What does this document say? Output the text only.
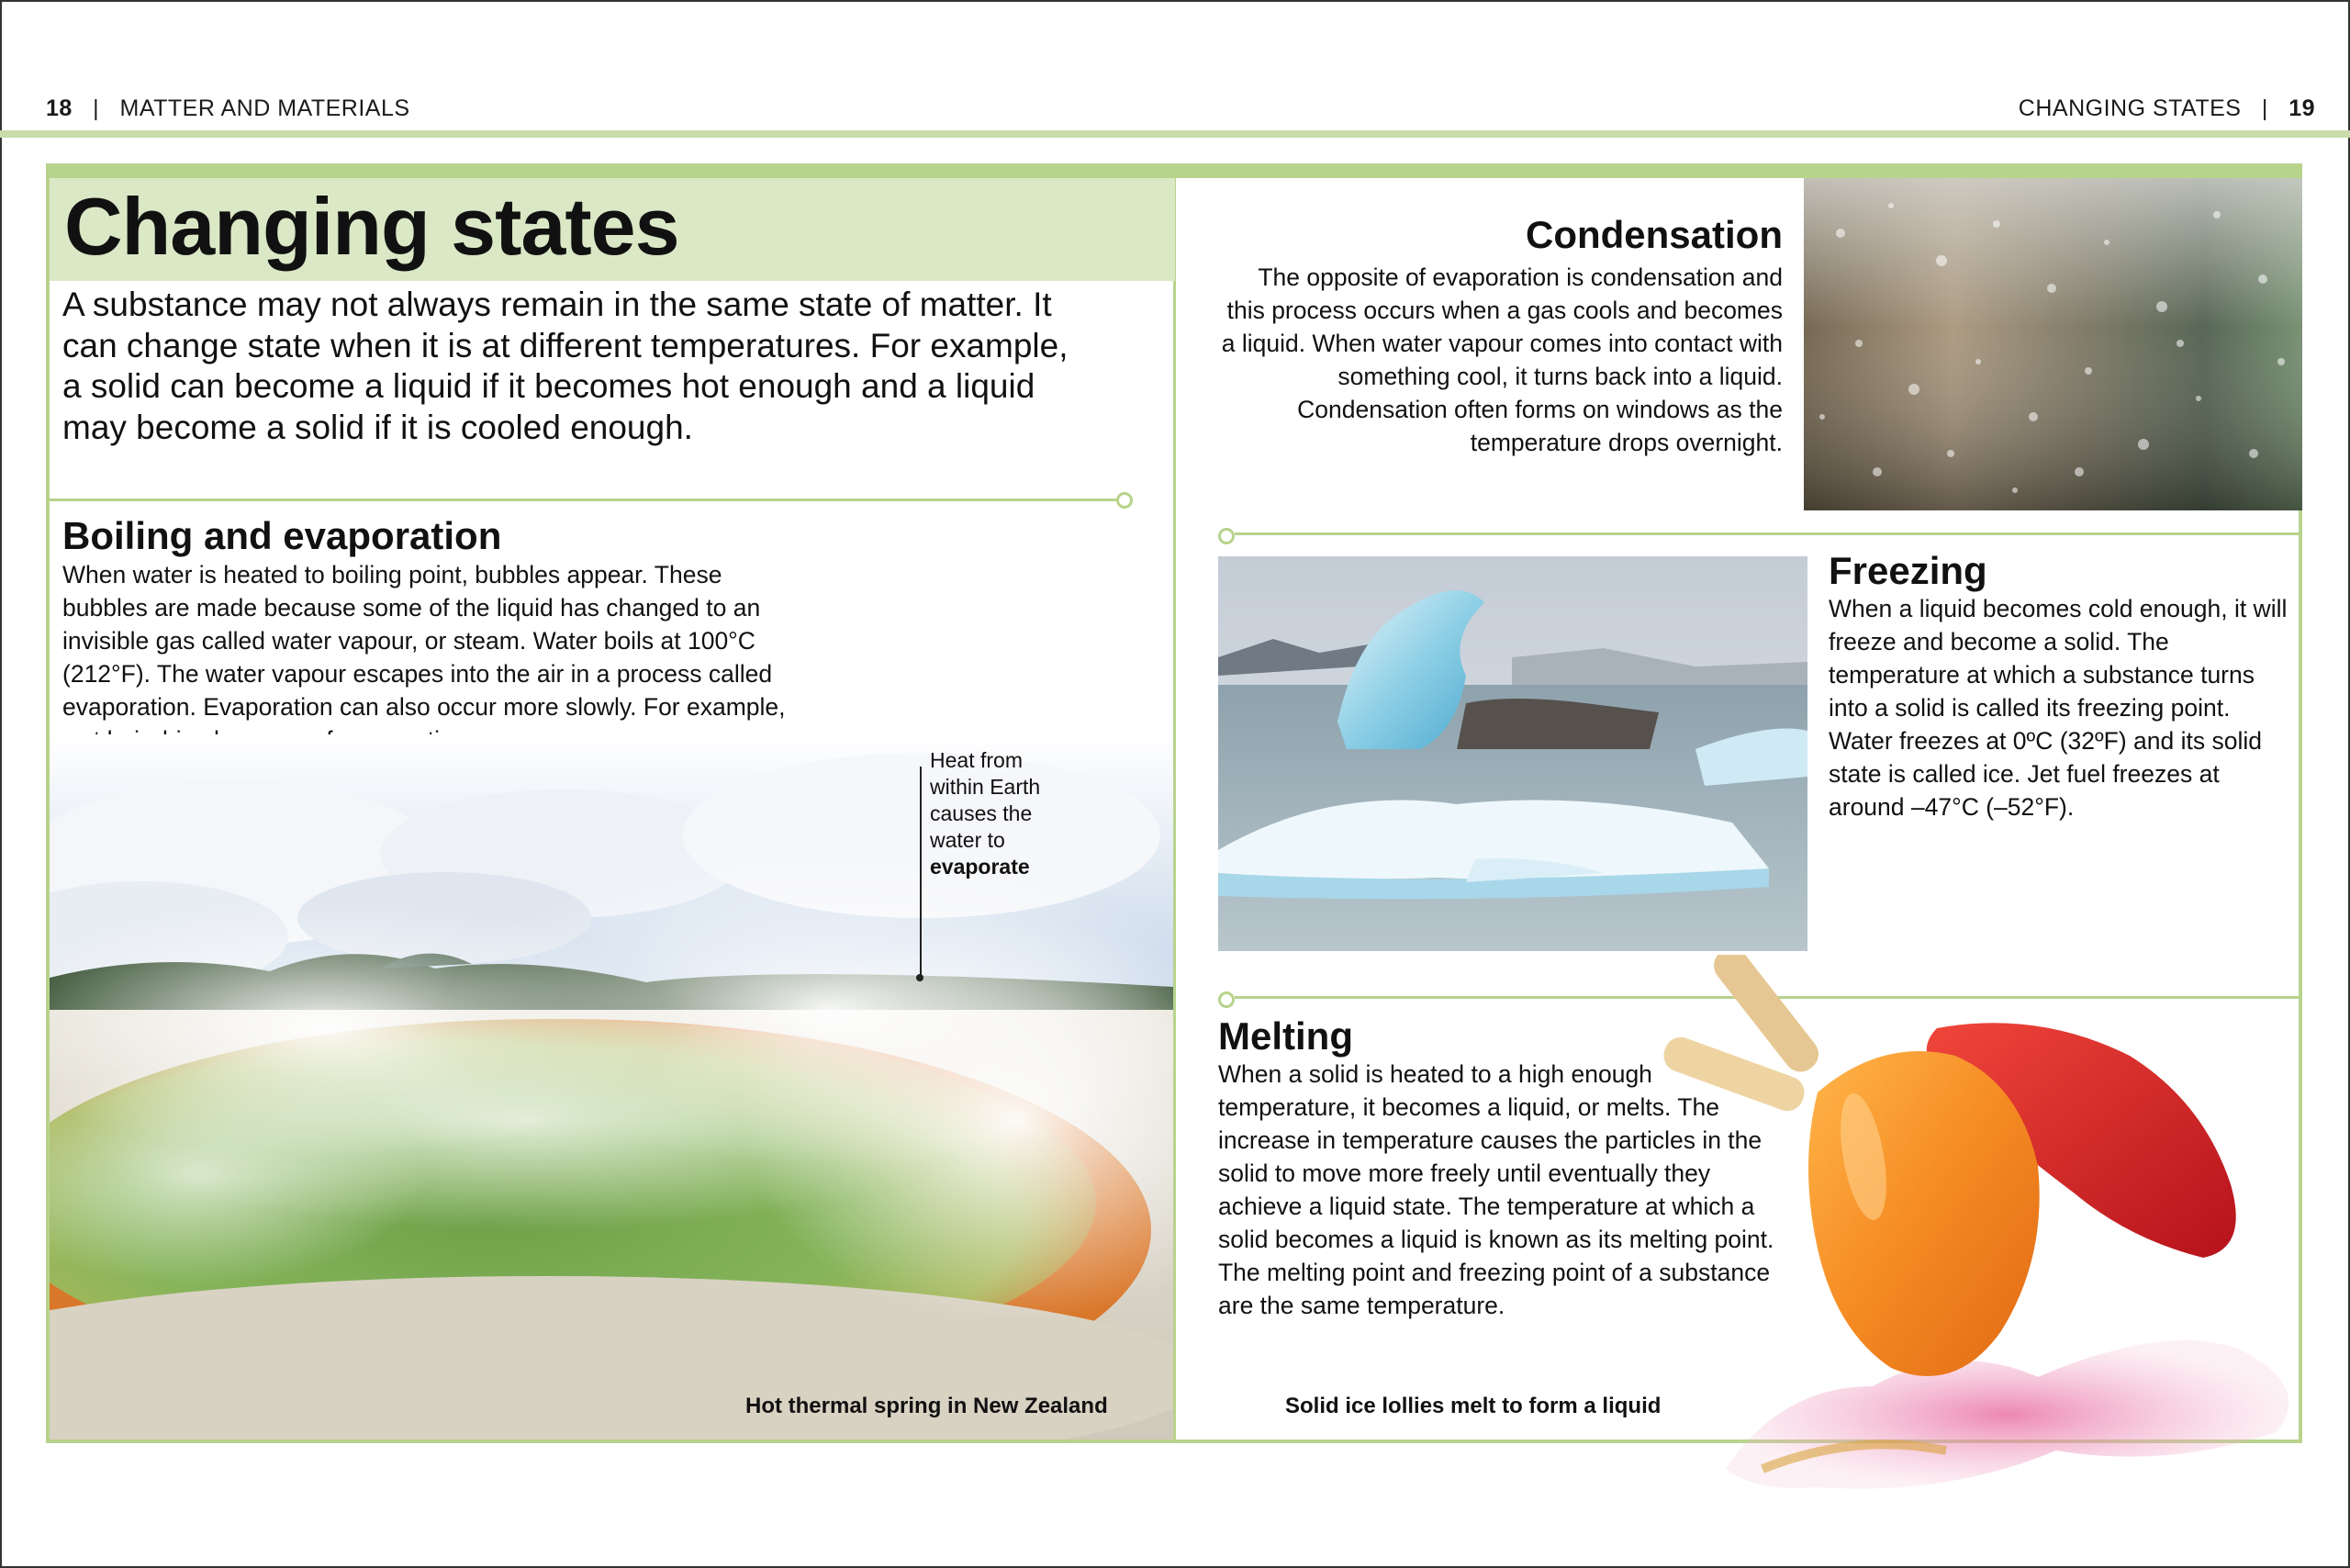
18 | MATTER AND MATERIALS	CHANGING STATES | 19
Changing states
A substance may not always remain in the same state of matter. It can change state when it is at different temperatures. For example, a solid can become a liquid if it becomes hot enough and a liquid may become a solid if it is cooled enough.
Boiling and evaporation
When water is heated to boiling point, bubbles appear. These bubbles are made because some of the liquid has changed to an invisible gas called water vapour, or steam. Water boils at 100°C (212°F). The water vapour escapes into the air in a process called evaporation. Evaporation can also occur more slowly. For example,
Heat from within Earth causes the water to evaporate
Hot thermal spring in New Zealand
Condensation
The opposite of evaporation is condensation and this process occurs when a gas cools and becomes a liquid. When water vapour comes into contact with something cool, it turns back into a liquid. Condensation often forms on windows as the temperature drops overnight.
Freezing
When a liquid becomes cold enough, it will freeze and become a solid. The temperature at which a substance turns into a solid is called its freezing point. Water freezes at 0ºC (32ºF) and its solid state is called ice. Jet fuel freezes at around –47°C (–52°F).
Melting
When a solid is heated to a high enough temperature, it becomes a liquid, or melts. The increase in temperature causes the particles in the solid to move more freely until eventually they achieve a liquid state. The temperature at which a solid becomes a liquid is known as its melting point. The melting point and freezing point of a substance are the same temperature.
Solid ice lollies melt to form a liquid
